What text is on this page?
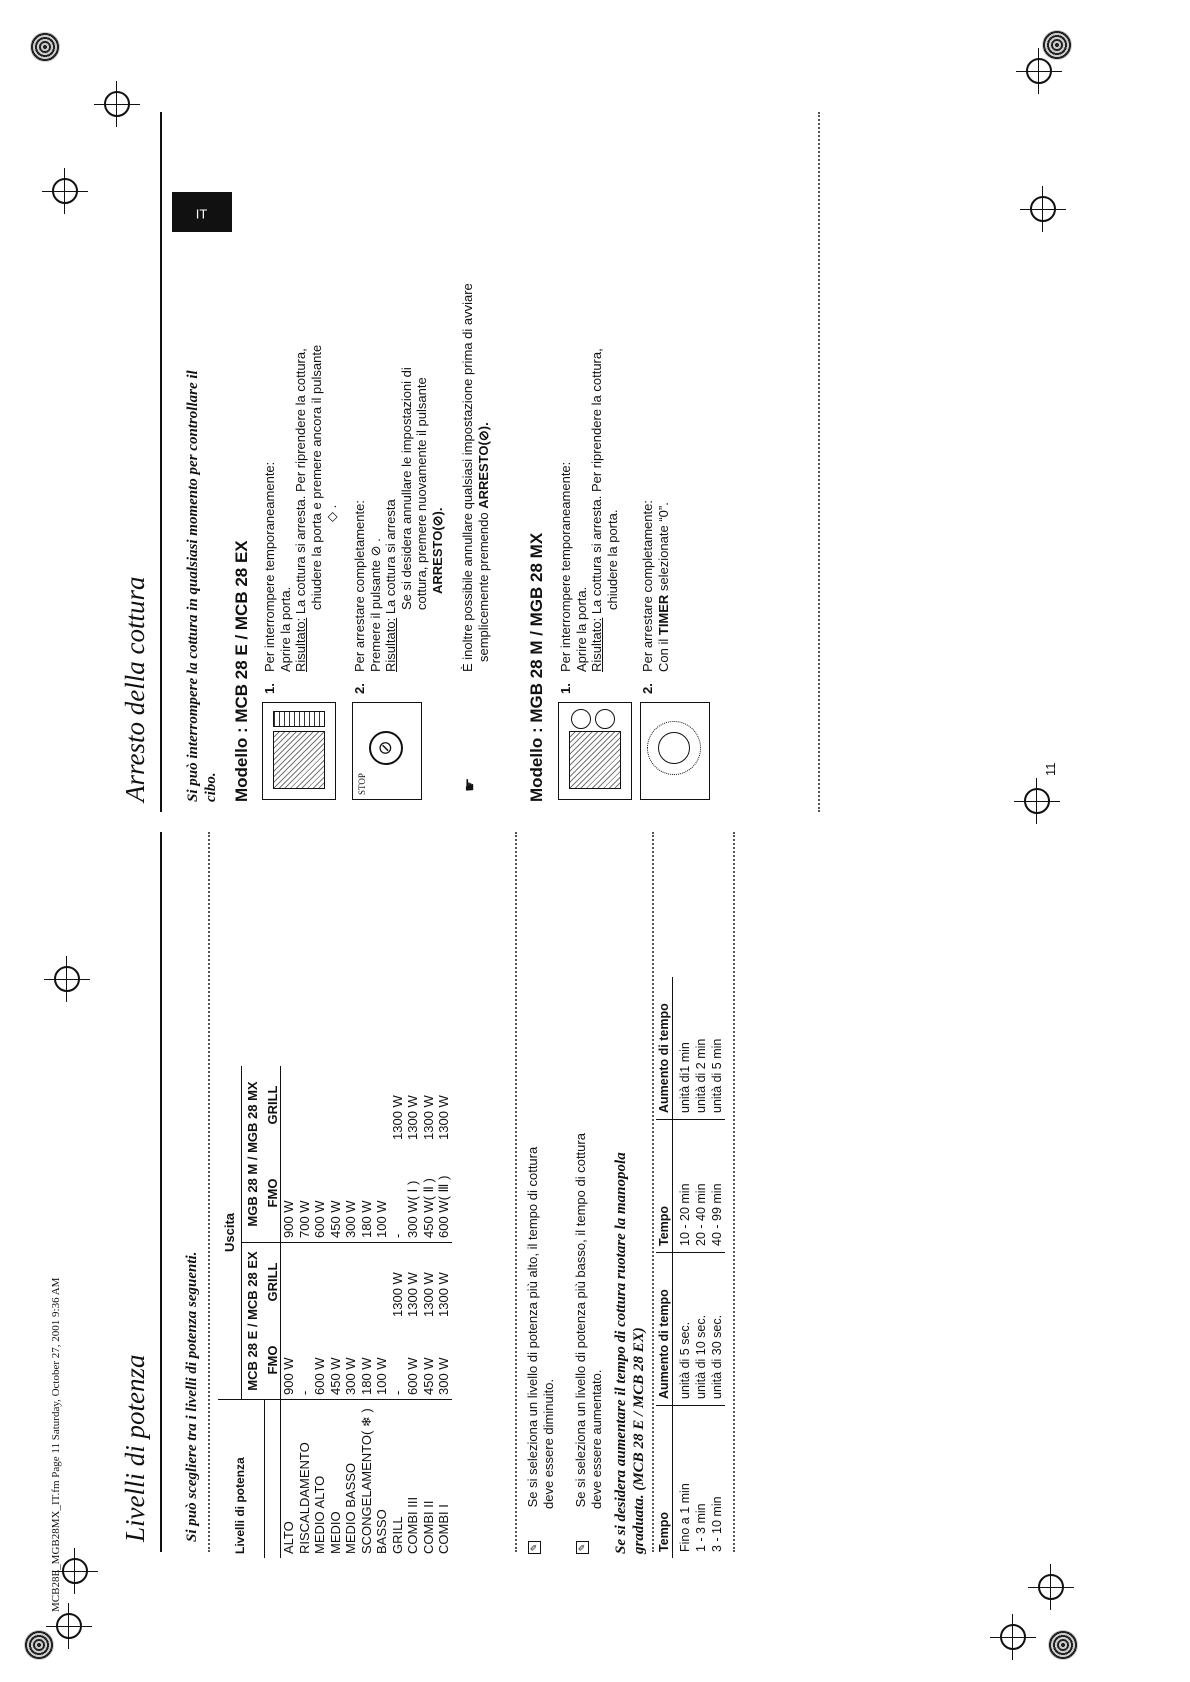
MCB28E_MGB28MX_IT.fm Page 11 Saturday, October 27, 2001 9:36 AM Livelli di potenza Si può scegliere tra i livelli di potenza seguenti.	Livelli di potenza	Uscita			
	MCB 28 E / MCB 28 EX		MGB 28 M / MGB 28 MX	
	FMO	GRILL	FMO	GRILL
ALTO	900 W		900 W	
RISCALDAMENTO	-		700 W	
MEDIO ALTO	600 W		600 W	
MEDIO	450 W		450 W	
MEDIO BASSO	300 W		300 W	
SCONGELAMENTO( ❄ )	180 W		180 W	
BASSO	100 W		100 W	
GRILL	-	1300 W	-	1300 W
COMBI III	600 W	1300 W	300 W( Ⅰ )	1300 W
COMBI II	450 W	1300 W	450 W( Ⅱ )	1300 W
COMBI I	300 W	1300 W	600 W( Ⅲ )	1300 W
✎ Se si seleziona un livello di potenza più alto, il tempo di cottura
deve essere diminuito.
✎ Se si seleziona un livello di potenza più basso, il tempo di cottura
deve essere aumentato. Se si desidera aumentare il tempo di cottura ruotare la manopola graduata. (MCB 28 E / MCB 28 EX) Tempo	Aumento di tempo	Tempo	Aumento di tempo

Fino a 1 min	unità di 5 sec.	10 - 20 min	unità di1 min
1 - 3 min	unità di 10 sec.	20 - 40 min	unità di 2 min
3 - 10 min	unità di 30 sec.	40 - 99 min	unità di 5 min
Arresto della cottura Si può interrompere la cottura in qualsiasi momento per controllare il cibo.
IT
Modello : MCB 28 E / MCB 28 EX 1.
Per interrompere temporaneamente:
Aprire la porta.
Risultato: La cottura si arresta. Per riprendere la cottura,
chiudere la porta e premere ancora il pulsante
◇ .
STOP
⊘
2.
Per arrestare completamente:
Premere il pulsante ⊘ .
Risultato: La cottura si arresta
Se si desidera annullare le impostazioni di
cottura, premere nuovamente il pulsante
ARRESTO(⊘).
☛
È inoltre possibile annullare qualsiasi impostazione prima di avviare
semplicemente premendo ARRESTO(⊘).
Modello : MGB 28 M / MGB 28 MX 1.
Per interrompere temporaneamente:
Aprire la porta.
Risultato: La cottura si arresta. Per riprendere la cottura,
chiudere la porta.
2.
Per arrestare completamente:
Con il TIMER selezionate “0”.
11
